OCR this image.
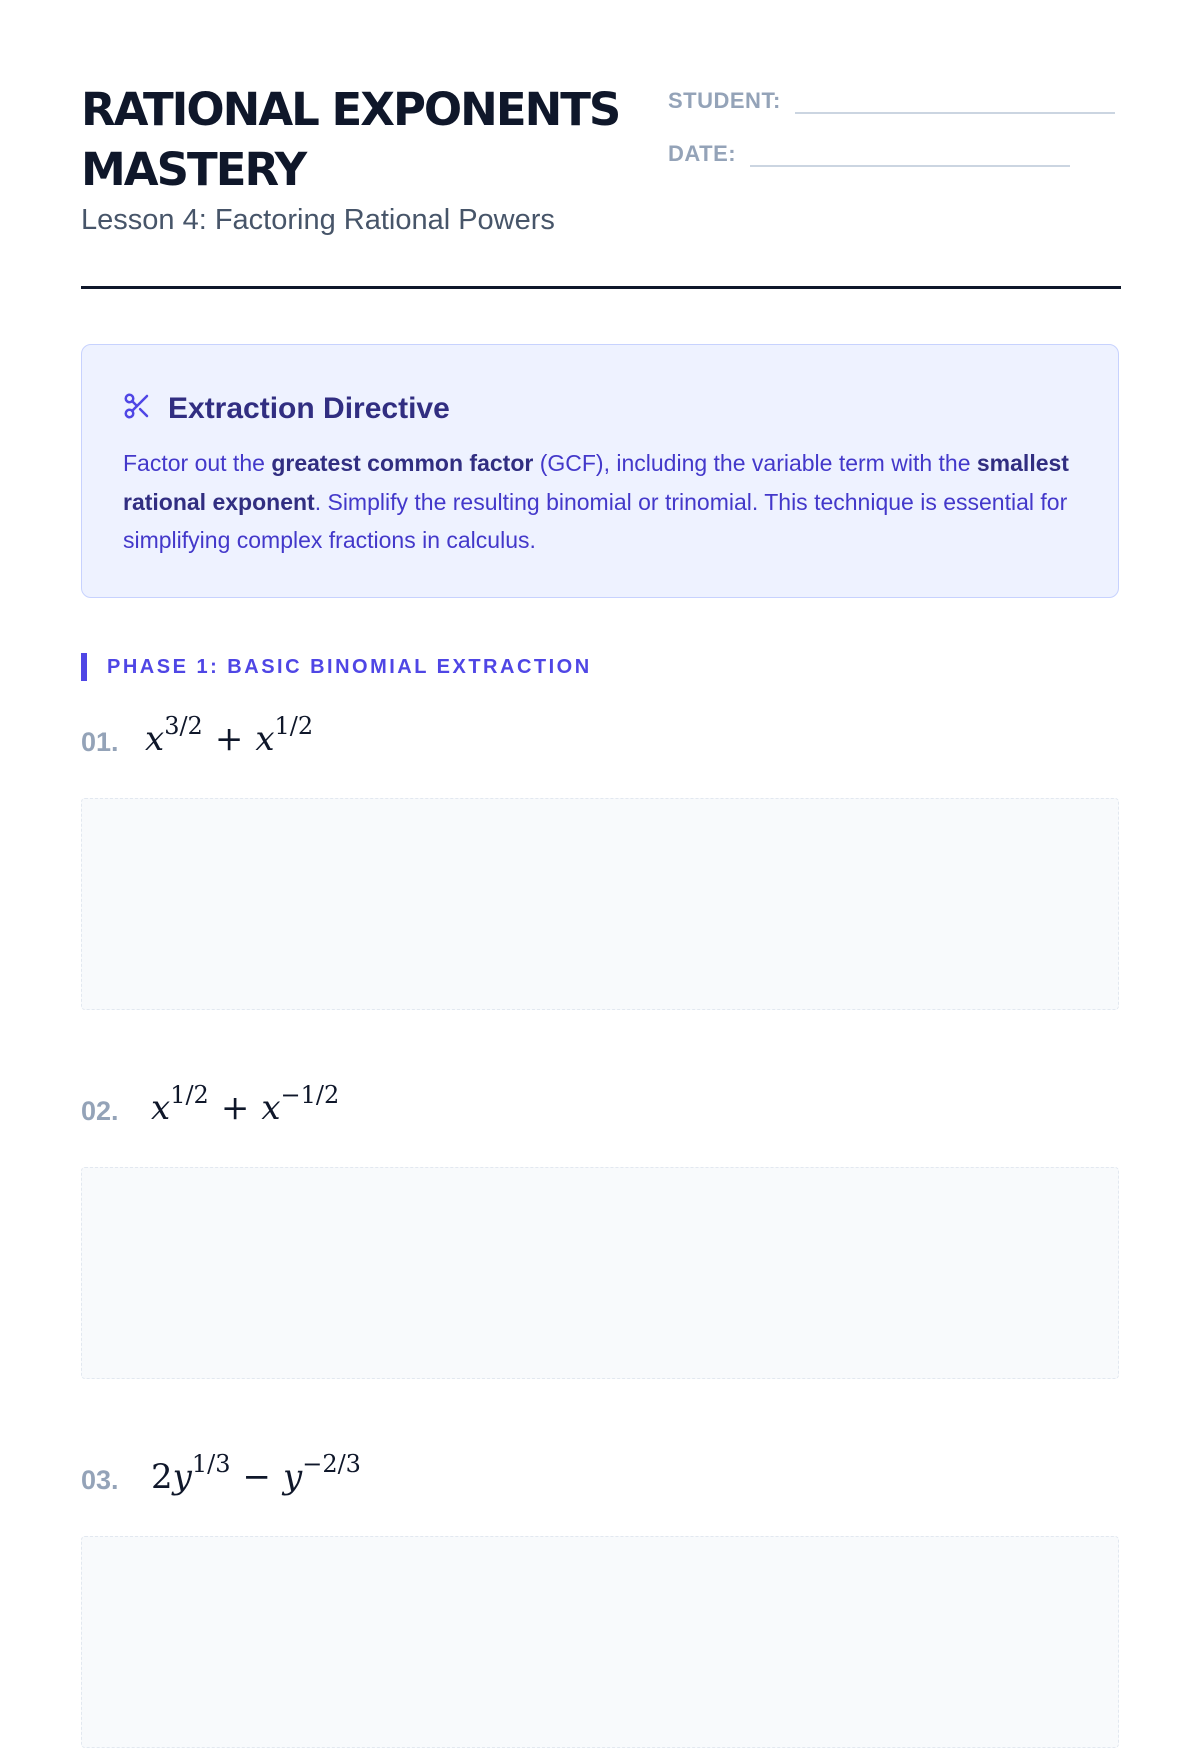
RATIONAL EXPONENTS MASTERY

Lesson 4: Factoring Rational Powers

STUDENT:
DATE:
Extraction Directive

Factor out the greatest common factor (GCF), including the variable term with the smallest rational exponent. Simplify the resulting binomial or trinomial. This technique is essential for simplifying complex fractions in calculus.

PHASE 1: BASIC BINOMIAL EXTRACTION
01. $x^{3/2} + x^{1/2}$
02. $x^{1/2} + x^{-1/2}$
03. $2y^{1/3} - y^{-2/3}$
